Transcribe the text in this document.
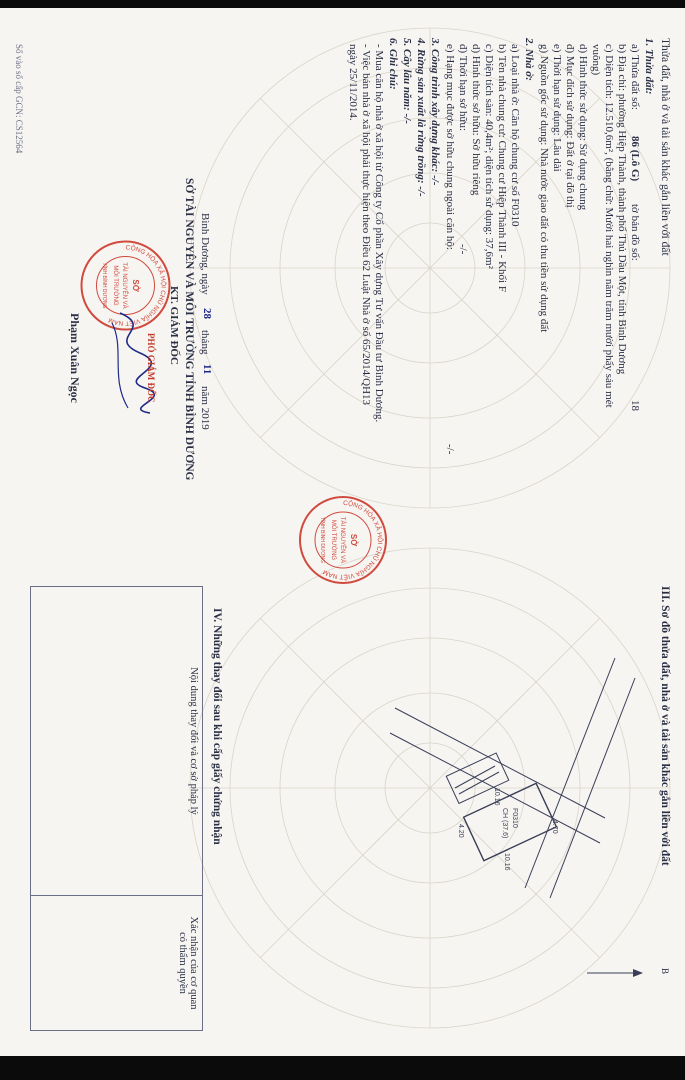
Thửa đất, nhà ở và tài sản khác gắn liền với đất
1. Thửa đất:
a) Thửa đất số:
86 (Lô G)
tờ bản đồ số:
18
b) Địa chỉ: phường Hiệp Thành, thành phố Thủ Dầu Một, tỉnh Bình Dương
c) Diện tích: 12.510,6m², (bằng chữ: Mười hai nghìn năm trăm mười phẩy sáu mét
vuông)
d) Hình thức sử dụng: Sử dụng chung
đ) Mục đích sử dụng: Đất ở tại đô thị
e) Thời hạn sử dụng: Lâu dài
g) Nguồn gốc sử dụng: Nhà nước giao đất có thu tiền sử dụng đất
2. Nhà ở:
a) Loại nhà ở: Căn hộ chung cư số F0310
b) Tên nhà chung cư: Chung cư Hiệp Thành III - Khối F
c) Diện tích sàn: 40,4m²; diện tích sử dụng: 37,6m²
d) Hình thức sở hữu: Sở hữu riêng
đ) Thời hạn sở hữu:
-/-
e) Hạng mục được sở hữu chung ngoài căn hộ:
-/-
3. Công trình xây dựng khác: -/-
4. Rừng sản xuất là rừng trồng: -/-
5. Cây lâu năm: -/-
6. Ghi chú:
- Mua căn hộ nhà ở xã hội từ Công ty Cổ phần Xây dựng Tư vấn Đầu tư Bình Dương.
- Việc bán nhà ở xã hội phải thực hiện theo Điều 62 Luật Nhà ở số 65/2014/QH13
ngày 25/11/2014.
Bình Dương, ngày
28
tháng
11
năm 2019
SỞ TÀI NGUYÊN VÀ MÔI TRƯỜNG TỈNH BÌNH DƯƠNG
KT. GIÁM ĐỐC
CỘNG HÒA XÃ HỘI CHỦ NGHĨA VIỆT NAM
SỞ
TÀI NGUYÊN VÀ
MÔI TRƯỜNG
TỈNH BÌNH DƯƠNG
PHÓ GIÁM ĐỐC
Phạm Xuân Ngọc
Số vào sổ cấp GCN: CS12564
CỘNG HÒA XÃ HỘI CHỦ NGHĨA VIỆT NAM
SỞ
TÀI NGUYÊN VÀ
MÔI TRƯỜNG
TỈNH BÌNH DƯƠNG
III. Sơ đồ thửa đất, nhà ở và tài sản khác gắn liền với đất
4.70
10.16
10.16
F0310
CH (37.6)
4.20
B
IV. Những thay đổi sau khi cấp giấy chứng nhận
Nội dung thay đổi và cơ sở pháp lý	
Xác nhận của cơ quan
có thẩm quyền
